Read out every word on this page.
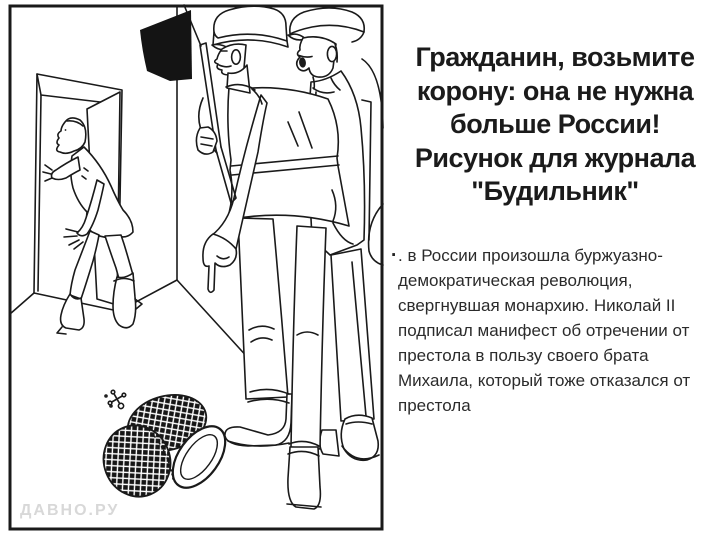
ДАВНО.РУ
.
Гражданин, возьмите
корону: она не нужна
больше России!
Рисунок для журнала
"Будильник"
. в России произошла буржуазно-
демократическая революция,
свергнувшая монархию. Николай II
подписал манифест об отречении от
престола в пользу своего брата
Михаила, который тоже отказался от
престола
